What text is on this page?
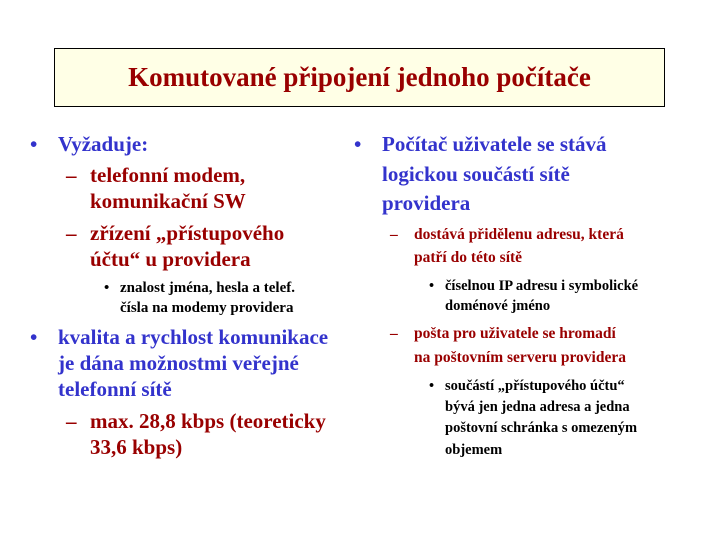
Komutované připojení jednoho počítače
• Vyžaduje:
– telefonní modem,
komunikační SW
– zřízení „přístupového
účtu“ u providera
• znalost jména, hesla a telef.
čísla na modemy providera
• kvalita a rychlost komunikace
je dána možnostmi veřejné
telefonní sítě
– max. 28,8 kbps (teoreticky
33,6 kbps)
• Počítač uživatele se stává
logickou součástí sítě
providera
– dostává přidělenu adresu, která
patří do této sítě
• číselnou IP adresu i symbolické
doménové jméno
– pošta pro uživatele se hromadí
na poštovním serveru providera
• součástí „přístupového účtu“
bývá jen jedna adresa a jedna
poštovní schránka s omezeným
objemem
